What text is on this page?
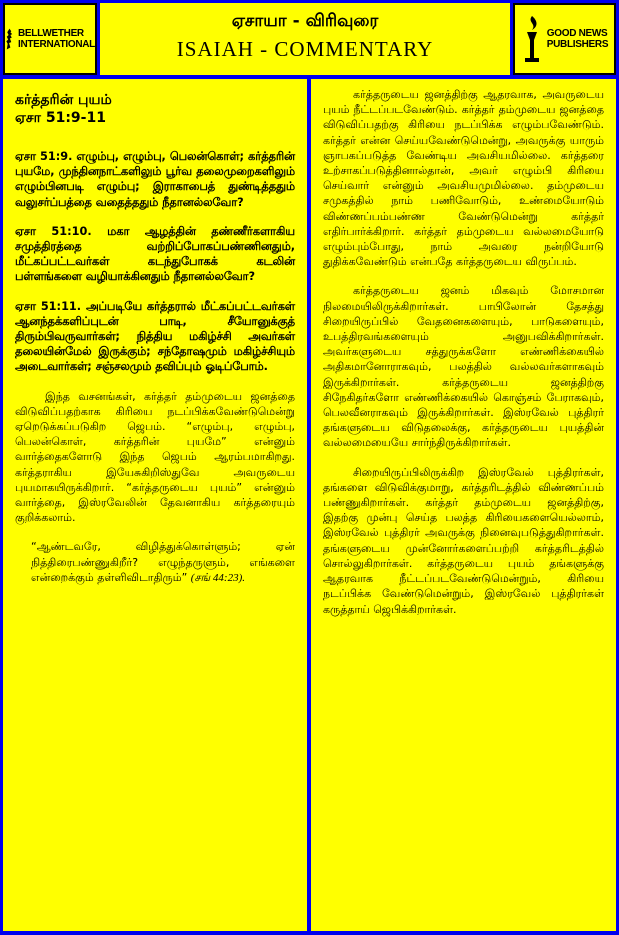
BELLWETHER
INTERNATIONAL
ஏசாயா - விரிவுரை
ISAIAH - COMMENTARY
GOOD NEWS
PUBLISHERS
கர்த்தரின் புயம்
ஏசா 51:9-11

ஏசா 51:9. எழும்பு, எழும்பு, பெலன்கொள்; கர்த்தரின் புயமே, முந்தினநாட்களிலும் பூர்வ தலைமுறைகளிலும் எழும்பினபடி எழும்பு; இராகாபைத் துண்டித்ததும் வலுசர்ப்பத்தை வதைத்ததும் நீதானல்லவோ?

ஏசா 51:10. மகா ஆழத்தின் தண்ணீர்களாகிய சமுத்திரத்தை வற்றிப்போகப்பண்ணினதும், மீட்கப்பட்டவர்கள் கடந்துபோகக் கடலின் பள்ளங்களை வழியாக்கினதும் நீதானல்லவோ?

ஏசா 51:11. அப்படியே கர்த்தரால் மீட்கப்பட்டவர்கள் ஆனந்தக்களிப்புடன் பாடி, சீயோனுக்குத் திரும்பிவருவார்கள்; நித்திய மகிழ்ச்சி அவர்கள் தலையின்மேல் இருக்கும்; சந்தோஷமும் மகிழ்ச்சியும் அடைவார்கள்; சஞ்சலமும் தவிப்பும் ஓடிப்போம்.

இந்த வசனங்கள், கர்த்தர் தம்முடைய ஜனத்தை விடுவிப்பதற்காக கிரியை நடப்பிக்கவேண்டுமென்று ஏறெடுக்கப்படுகிற ஜெபம். “எழும்பு, எழும்பு, பெலன்கொள், கர்த்தரின் புயமே” என்னும் வார்த்தைகளோடு இந்த ஜெபம் ஆரம்பமாகிறது. கர்த்தராகிய இயேசுகிறிஸ்துவே அவருடைய புயமாகயிருக்கிறார். “கர்த்தருடைய புயம்” என்னும் வார்த்தை, இஸ்ரவேலின் தேவனாகிய கர்த்தரையும் குறிக்கலாம்.

“ஆண்டவரே, விழித்துக்கொள்ளும்; ஏன் நித்திரைபண்ணுகிறீர்? எழுந்தருளும், எங்களை என்றைக்கும் தள்ளிவிடாதிரும்” (சங் 44:23).

கர்த்தருடைய ஜனத்திற்கு ஆதரவாக, அவருடைய புயம் நீட்டப்படவேண்டும். கர்த்தர் தம்முடைய ஜனத்தை விடுவிப்பதற்கு கிரியை நடப்பிக்க எழும்பவேண்டும். கர்த்தர் என்ன செய்யவேண்டுமென்று, அவருக்கு யாரும் ஞாபகப்படுத்த வேண்டிய அவசியமில்லை. கர்த்தரை உற்சாகப்படுத்தினால்தான், அவர் எழும்பி கிரியை செய்வார் என்னும் அவசியமுமில்லை. தம்முடைய சமுகத்தில் நாம் பணிவோடும், உண்மையோடும் விண்ணப்பம்பண்ண வேண்டுமென்று கர்த்தர் எதிர்பார்க்கிறார். கர்த்தர் தம்முடைய வல்லமையோடு எழும்பும்போது, நாம் அவரை நன்றியோடு துதிக்கவேண்டும் என்பதே கர்த்தருடைய விருப்பம்.

கர்த்தருடைய ஜனம் மிகவும் மோசமான நிலமையிலிருக்கிறார்கள். பாபிலோன் தேசத்து சிறையிருப்பில் வேதனைகளையும், பாடுகளையும், உபத்திரவங்களையும் அனுபவிக்கிறார்கள். அவர்களுடைய சத்துருக்களோ எண்ணிக்கையில் அதிகமானோராகவும், பலத்தில் வல்லவர்களாகவும் இருக்கிறார்கள். கர்த்தருடைய ஜனத்திற்கு சிநேகிதர்களோ எண்ணிக்கையில் கொஞ்சம் பேராகவும், பெலவீனராகவும் இருக்கிறார்கள். இஸ்ரவேல் புத்திரர் தங்களுடைய விடுதலைக்கு, கர்த்தருடைய புயத்தின் வல்லமையையே சார்ந்திருக்கிறார்கள்.

சிறையிருப்பிலிருக்கிற இஸ்ரவேல் புத்திரர்கள், தங்களை விடுவிக்குமாறு, கர்த்தரிடத்தில் விண்ணப்பம் பண்ணுகிறார்கள். கர்த்தர் தம்முடைய ஜனத்திற்கு, இதற்கு முன்பு செய்த பலத்த கிரியைகளையெல்லாம், இஸ்ரவேல் புத்திரர் அவருக்கு நினைவுபடுத்துகிறார்கள். தங்களுடைய முன்னோர்களைப்பற்றி கர்த்தரிடத்தில் சொல்லுகிறார்கள். கர்த்தருடைய புயம் தங்களுக்கு ஆதரவாக நீட்டப்படவேண்டுமென்றும், கிரியை நடப்பிக்க வேண்டுமென்றும், இஸ்ரவேல் புத்திரர்கள் கருத்தாய் ஜெபிக்கிறார்கள்.
